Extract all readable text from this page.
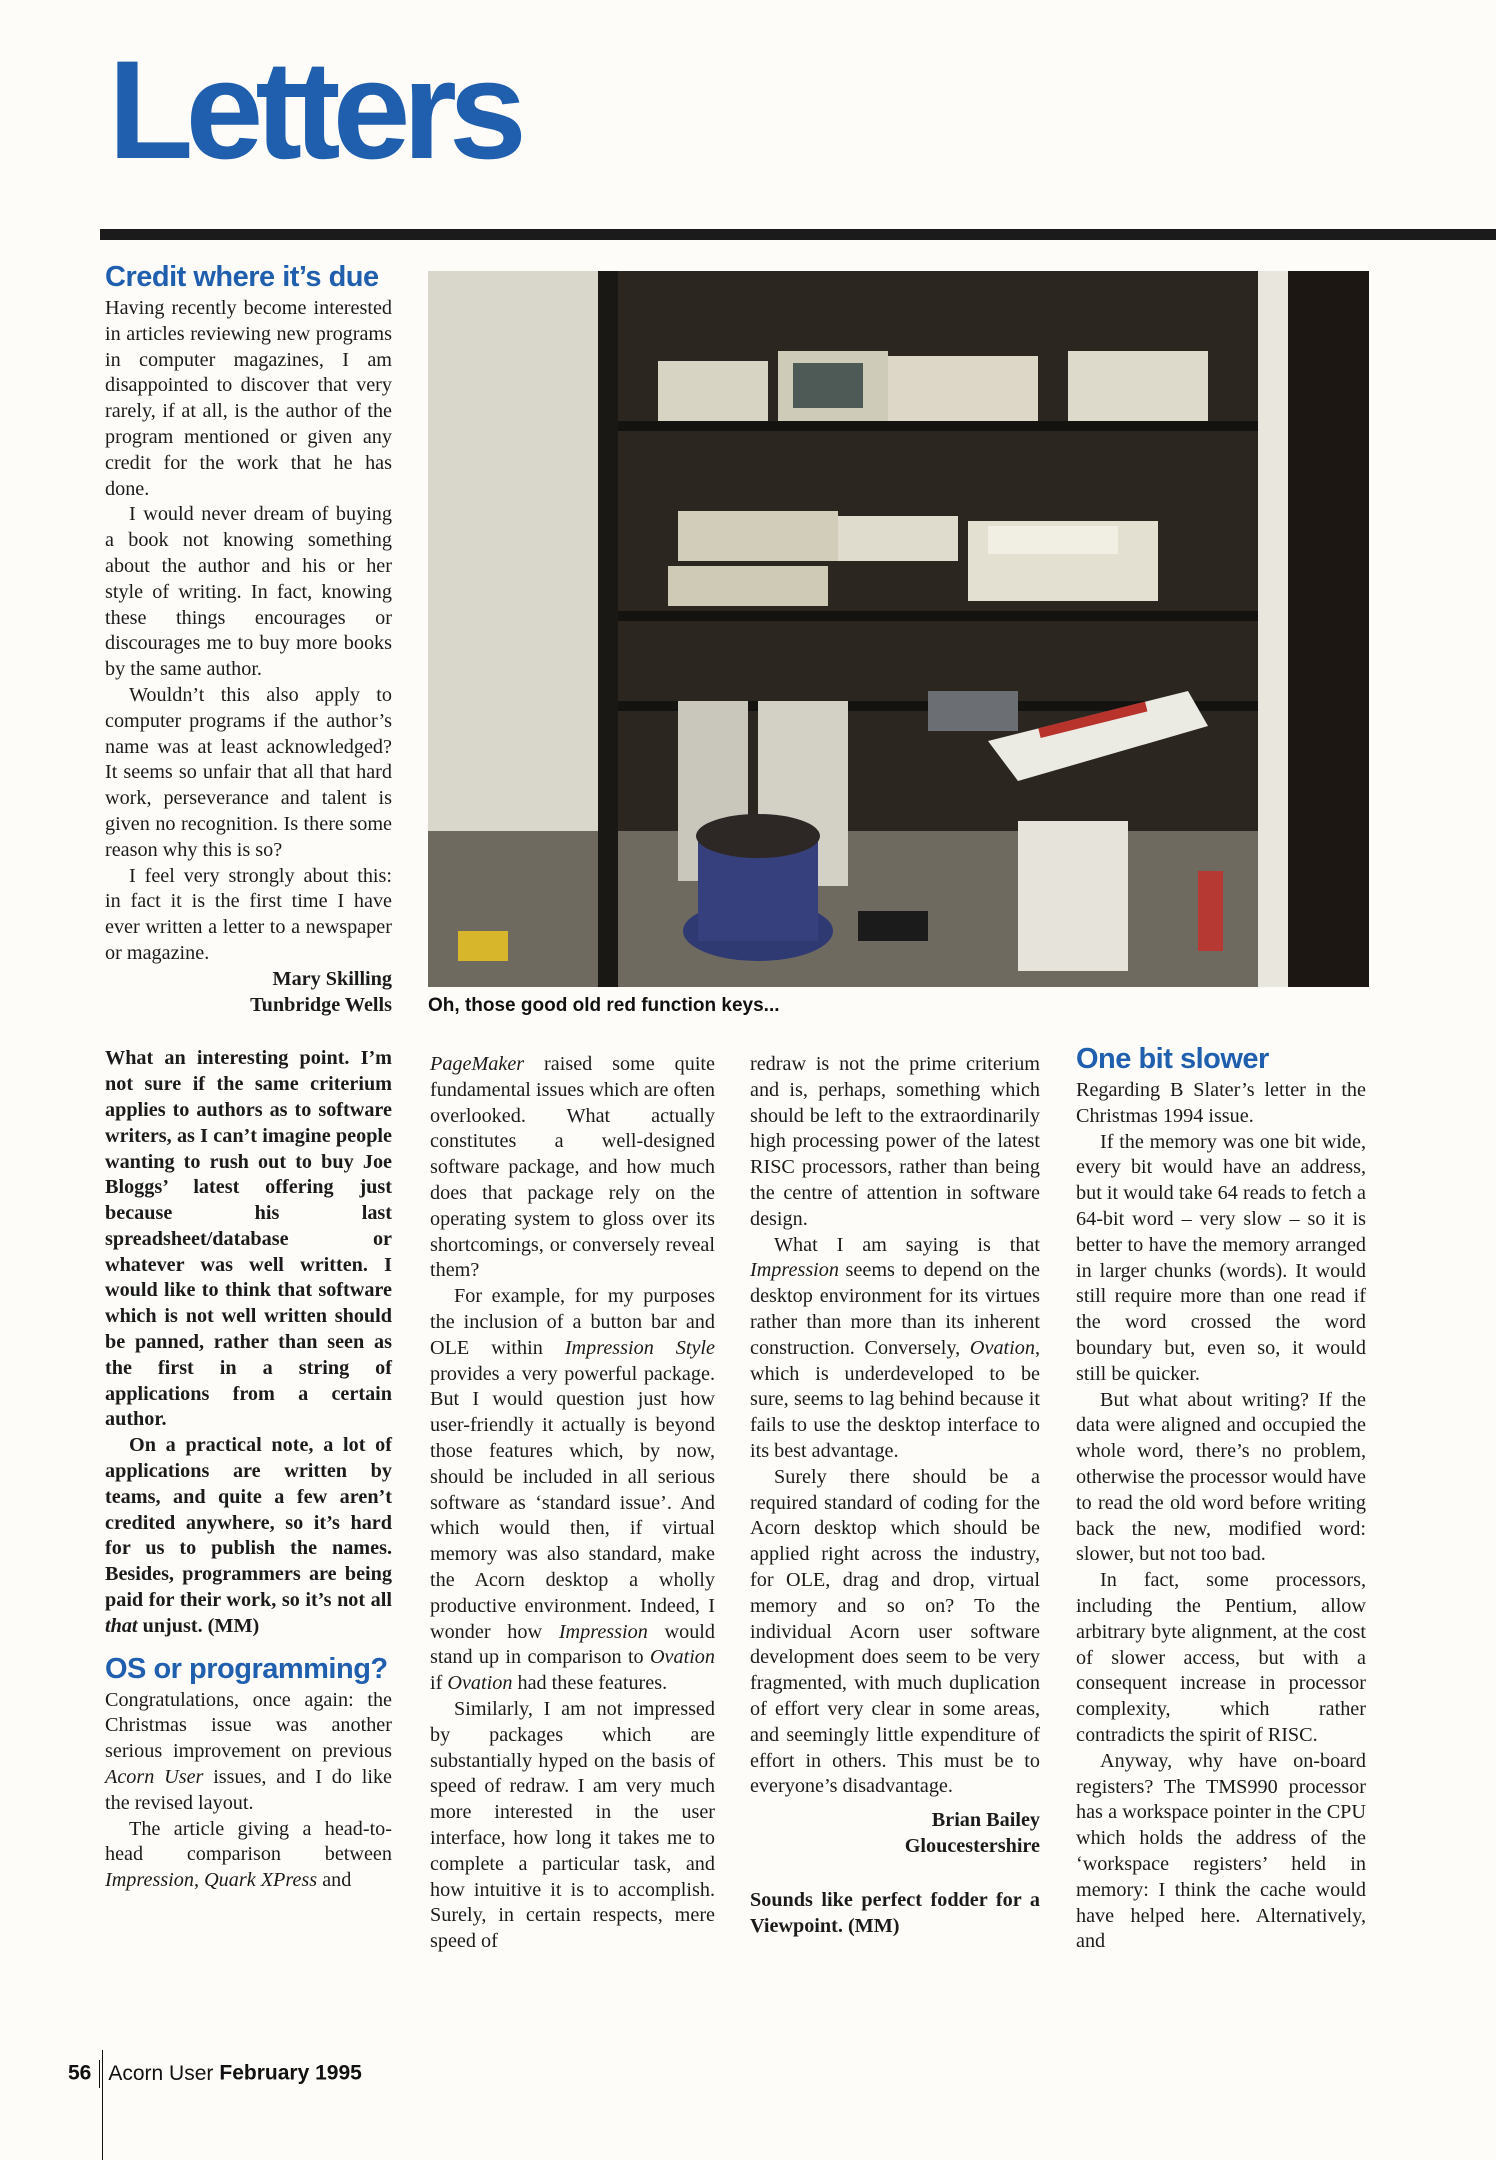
Letters
Credit where it’s due

Having recently become interested in articles reviewing new programs in computer magazines, I am disappointed to discover that very rarely, if at all, is the author of the program mentioned or given any credit for the work that he has done.

I would never dream of buying a book not knowing something about the author and his or her style of writing. In fact, knowing these things encourages or discourages me to buy more books by the same author.

Wouldn’t this also apply to computer programs if the author’s name was at least acknowledged? It seems so unfair that all that hard work, perseverance and talent is given no recognition. Is there some reason why this is so?

I feel very strongly about this: in fact it is the first time I have ever written a letter to a newspaper or magazine.

Mary Skilling

Tunbridge Wells

What an interesting point. I’m not sure if the same criterium applies to authors as to software writers, as I can’t imagine people wanting to rush out to buy Joe Bloggs’ latest offering just because his last spreadsheet/database or whatever was well written. I would like to think that software which is not well written should be panned, rather than seen as the first in a string of applications from a certain author.

On a practical note, a lot of applications are written by teams, and quite a few aren’t credited anywhere, so it’s hard for us to publish the names. Besides, programmers are being paid for their work, so it’s not all that unjust. (MM)

OS or programming?

Congratulations, once again: the Christmas issue was another serious improvement on previous Acorn User issues, and I do like the revised layout.

The article giving a head-to-head comparison between Impression, Quark XPress and

Oh, those good old red function keys...

PageMaker raised some quite fundamental issues which are often overlooked. What actually constitutes a well-designed software package, and how much does that package rely on the operating system to gloss over its shortcomings, or conversely reveal them?

For example, for my purposes the inclusion of a button bar and OLE within Impression Style provides a very powerful package. But I would question just how user-friendly it actually is beyond those features which, by now, should be included in all serious software as ‘standard issue’. And which would then, if virtual memory was also standard, make the Acorn desktop a wholly productive environment. Indeed, I wonder how Impression would stand up in comparison to Ovation if Ovation had these features.

Similarly, I am not impressed by packages which are substantially hyped on the basis of speed of redraw. I am very much more interested in the user interface, how long it takes me to complete a particular task, and how intuitive it is to accomplish. Surely, in certain respects, mere speed of

redraw is not the prime criterium and is, perhaps, something which should be left to the extraordinarily high processing power of the latest RISC processors, rather than being the centre of attention in software design.

What I am saying is that Impression seems to depend on the desktop environment for its virtues rather than more than its inherent construction. Conversely, Ovation, which is underdeveloped to be sure, seems to lag behind because it fails to use the desktop interface to its best advantage.

Surely there should be a required standard of coding for the Acorn desktop which should be applied right across the industry, for OLE, drag and drop, virtual memory and so on? To the individual Acorn user software development does seem to be very fragmented, with much duplication of effort very clear in some areas, and seemingly little expenditure of effort in others. This must be to everyone’s disadvantage.

Brian Bailey

Gloucestershire

Sounds like perfect fodder for a Viewpoint. (MM)

One bit slower

Regarding B Slater’s letter in the Christmas 1994 issue.

If the memory was one bit wide, every bit would have an address, but it would take 64 reads to fetch a 64-bit word – very slow – so it is better to have the memory arranged in larger chunks (words). It would still require more than one read if the word crossed the word boundary but, even so, it would still be quicker.

But what about writing? If the data were aligned and occupied the whole word, there’s no problem, otherwise the processor would have to read the old word before writing back the new, modified word: slower, but not too bad.

In fact, some processors, including the Pentium, allow arbitrary byte alignment, at the cost of slower access, but with a consequent increase in processor complexity, which rather contradicts the spirit of RISC.

Anyway, why have on-board registers? The TMS990 processor has a workspace pointer in the CPU which holds the address of the ‘workspace registers’ held in memory: I think the cache would have helped here. Alternatively, and

56 Acorn User February 1995
